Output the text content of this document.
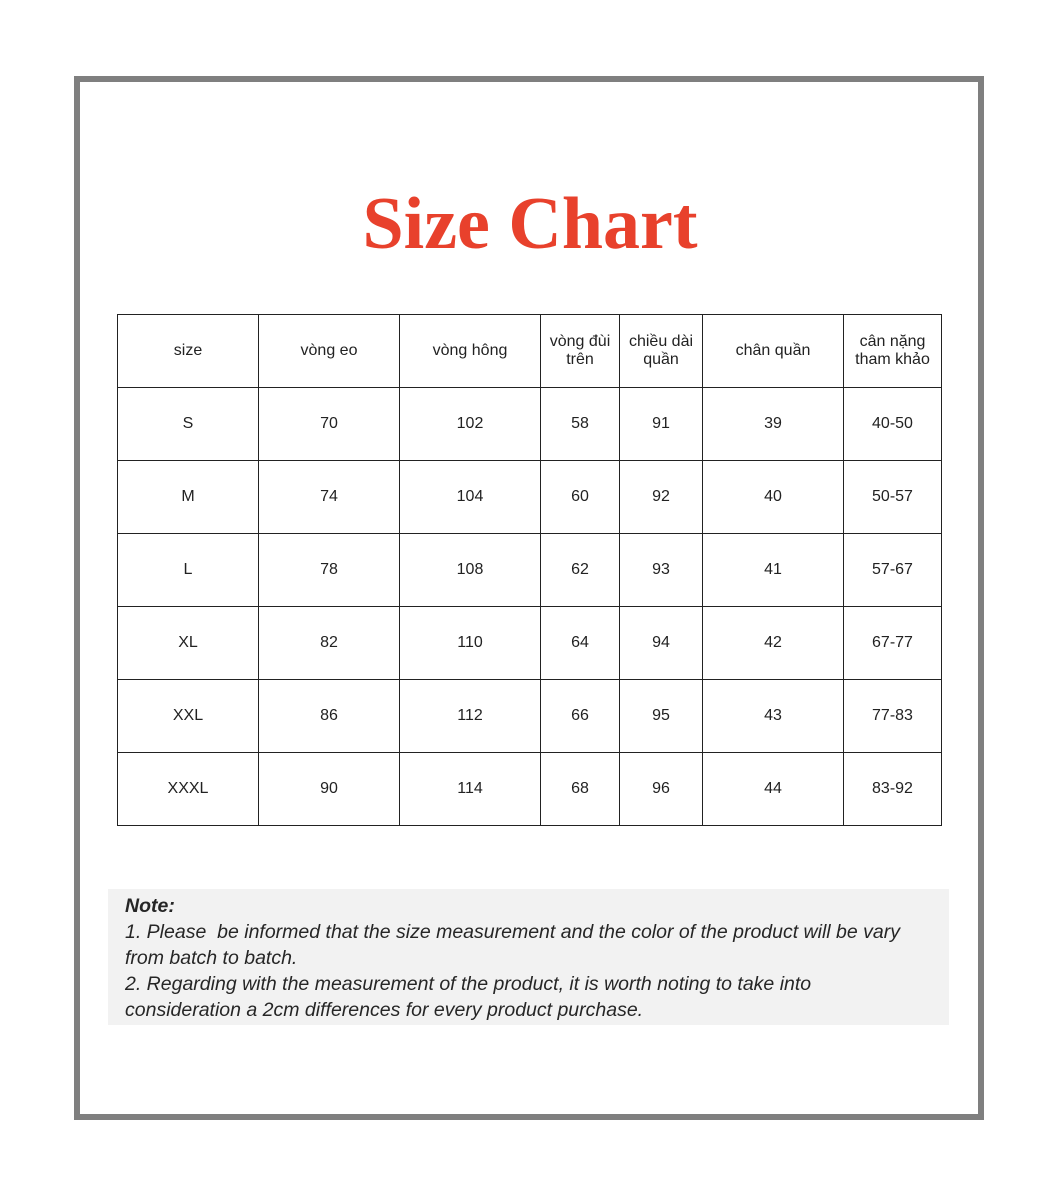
Size Chart
size	vòng eo	vòng hông	vòng đùi trên	chiều dài quần	chân quần	cân nặng tham khảo
S	70	102	58	91	39	40-50
M	74	104	60	92	40	50-57
L	78	108	62	93	41	57-67
XL	82	110	64	94	42	67-77
XXL	86	112	66	95	43	77-83
XXXL	90	114	68	96	44	83-92
Note:
1. Please  be informed that the size measurement and the color of the product will be vary from batch to batch.
2. Regarding with the measurement of the product, it is worth noting to take into consideration a 2cm differences for every product purchase.
